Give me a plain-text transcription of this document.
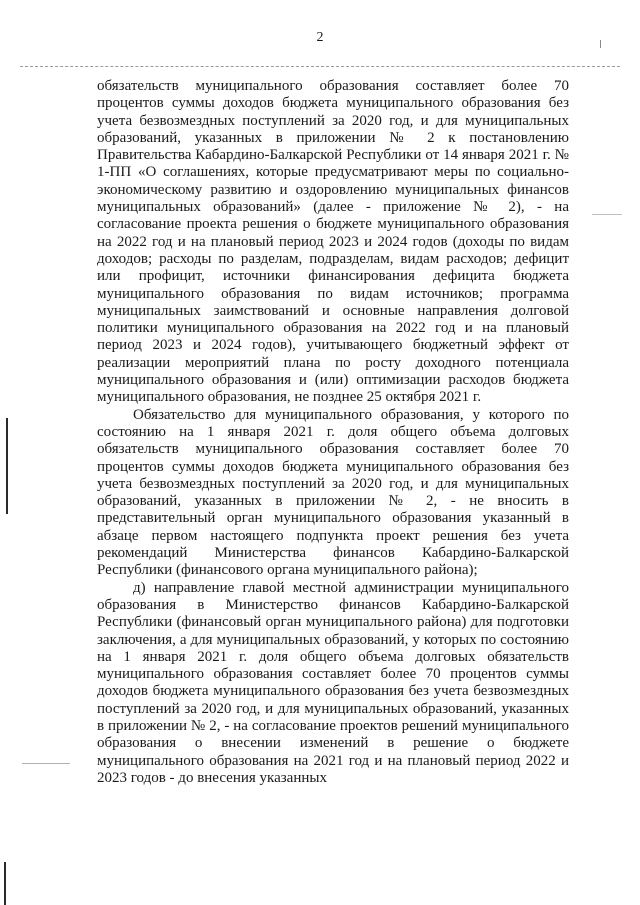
2

обязательств муниципального образования составляет более 70 процентов суммы доходов бюджета муниципального образования без учета безвозмездных поступлений за 2020 год, и для муниципальных образований, указанных в приложении № 2 к постановлению Правительства Кабардино-Балкарской Республики от 14 января 2021 г. № 1-ПП «О соглашениях, которые предусматривают меры по социально-экономическому развитию и оздоровлению муниципальных финансов муниципальных образований» (далее - приложение № 2), - на согласование проекта решения о бюджете муниципального образования на 2022 год и на плановый период 2023 и 2024 годов (доходы по видам доходов; расходы по разделам, подразделам, видам расходов; дефицит или профицит, источники финансирования дефицита бюджета муниципального образования по видам источников; программа муниципальных заимствований и основные направления долговой политики муниципального образования на 2022 год и на плановый период 2023 и 2024 годов), учитывающего бюджетный эффект от реализации мероприятий плана по росту доходного потенциала муниципального образования и (или) оптимизации расходов бюджета муниципального образования, не позднее 25 октября 2021 г.

Обязательство для муниципального образования, у которого по состоянию на 1 января 2021 г. доля общего объема долговых обязательств муниципального образования составляет более 70 процентов суммы доходов бюджета муниципального образования без учета безвозмездных поступлений за 2020 год, и для муниципальных образований, указанных в приложении № 2, - не вносить в представительный орган муниципального образования указанный в абзаце первом настоящего подпункта проект решения без учета рекомендаций Министерства финансов Кабардино-Балкарской Республики (финансового органа муниципального района);

д) направление главой местной администрации муниципального образования в Министерство финансов Кабардино-Балкарской Республики (финансовый орган муниципального района) для подготовки заключения, а для муниципальных образований, у которых по состоянию на 1 января 2021 г. доля общего объема долговых обязательств муниципального образования составляет более 70 процентов суммы доходов бюджета муниципального образования без учета безвозмездных поступлений за 2020 год, и для муниципальных образований, указанных в приложении № 2, - на согласование проектов решений муниципального образования о внесении изменений в решение о бюджете муниципального образования на 2021 год и на плановый период 2022 и 2023 годов - до внесения указанных
